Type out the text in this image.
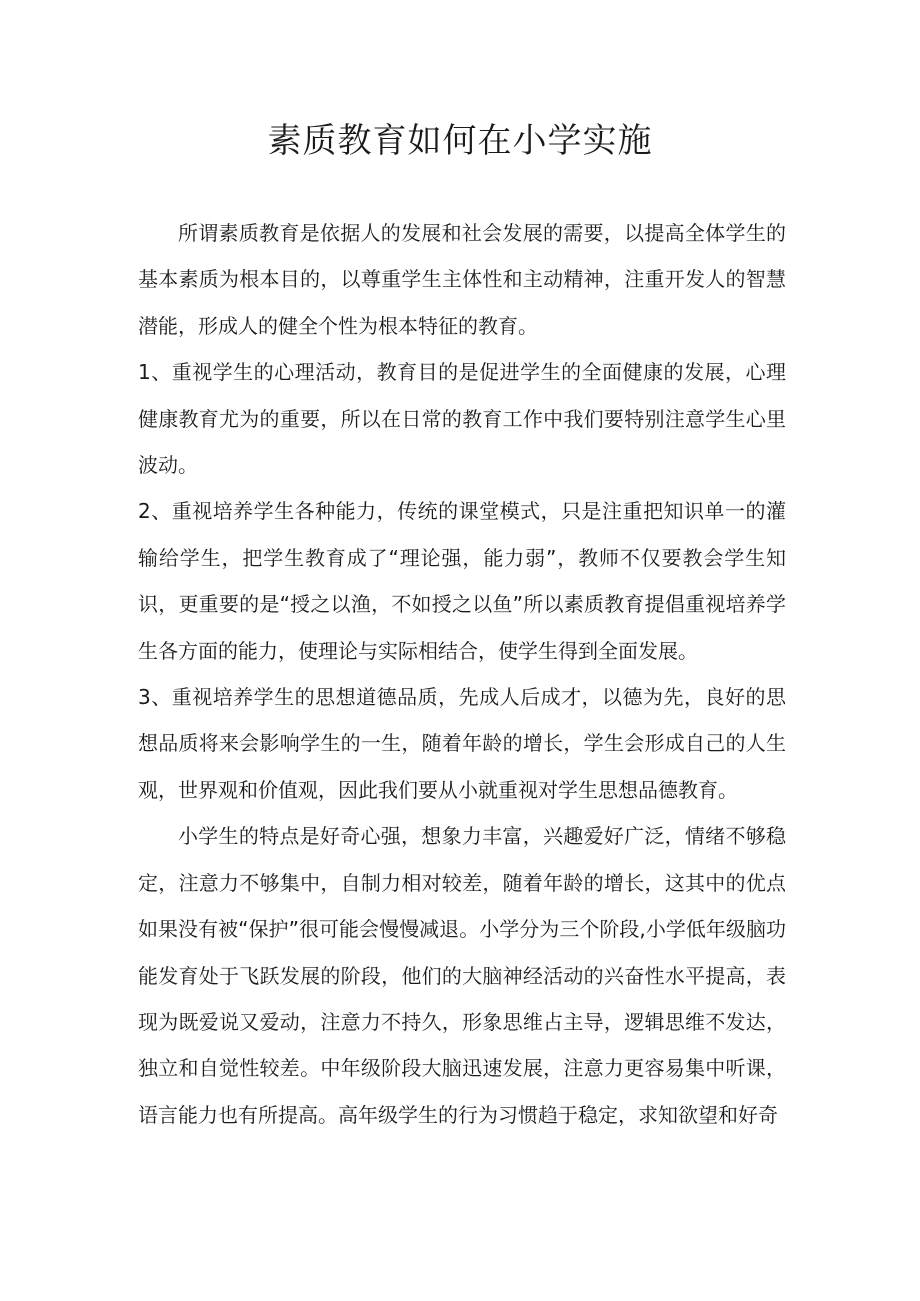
素质教育如何在小学实施

所谓素质教育是依据人的发展和社会发展的需要，以提高全体学生的基本素质为根本目的，以尊重学生主体性和主动精神，注重开发人的智慧潜能，形成人的健全个性为根本特征的教育。

1、重视学生的心理活动，教育目的是促进学生的全面健康的发展，心理健康教育尤为的重要，所以在日常的教育工作中我们要特别注意学生心里波动。

2、重视培养学生各种能力，传统的课堂模式，只是注重把知识单一的灌输给学生，把学生教育成了“理论强，能力弱”，教师不仅要教会学生知识，更重要的是“授之以渔，不如授之以鱼”所以素质教育提倡重视培养学生各方面的能力，使理论与实际相结合，使学生得到全面发展。

3、重视培养学生的思想道德品质，先成人后成才，以德为先，良好的思想品质将来会影响学生的一生，随着年龄的增长，学生会形成自己的人生观，世界观和价值观，因此我们要从小就重视对学生思想品德教育。

小学生的特点是好奇心强，想象力丰富，兴趣爱好广泛，情绪不够稳定，注意力不够集中，自制力相对较差，随着年龄的增长，这其中的优点如果没有被“保护”很可能会慢慢减退。小学分为三个阶段,小学低年级脑功能发育处于飞跃发展的阶段，他们的大脑神经活动的兴奋性水平提高，表现为既爱说又爱动，注意力不持久，形象思维占主导，逻辑思维不发达，独立和自觉性较差。中年级阶段大脑迅速发展，注意力更容易集中听课，语言能力也有所提高。高年级学生的行为习惯趋于稳定，求知欲望和好奇
